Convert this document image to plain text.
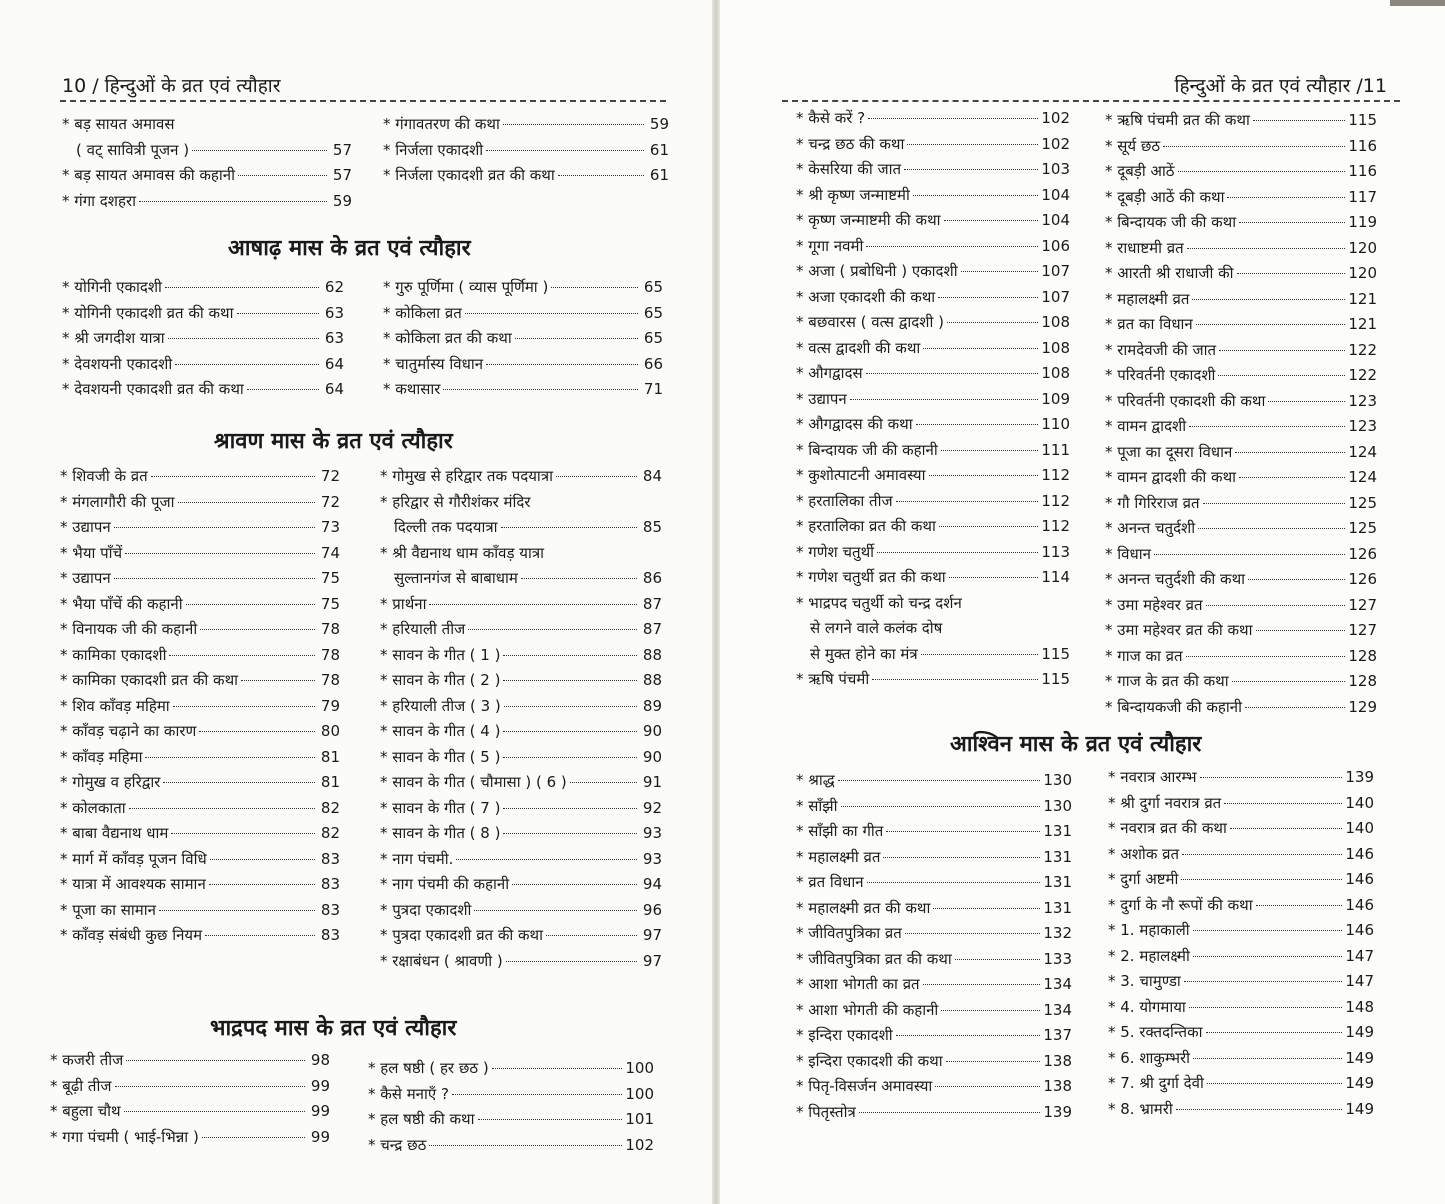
10 / हिन्दुओं के व्रत एवं त्यौहार
* बड़ सायत अमावस
( वट् सावित्री पूजन )	57
* बड़ सायत अमावस की कहानी	57
* गंगा दशहरा	59
* गंगावतरण की कथा	59
* निर्जला एकादशी	61
* निर्जला एकादशी व्रत की कथा	61
आषाढ़ मास के व्रत एवं त्यौहार
* योगिनी एकादशी	62
* योगिनी एकादशी व्रत की कथा	63
* श्री जगदीश यात्रा	63
* देवशयनी एकादशी	64
* देवशयनी एकादशी व्रत की कथा	64
* गुरु पूर्णिमा ( व्यास पूर्णिमा )	65
* कोकिला व्रत	65
* कोकिला व्रत की कथा	65
* चातुर्मास्य विधान	66
* कथासार	71
श्रावण मास के व्रत एवं त्यौहार
* शिवजी के व्रत	72
* मंगलागौरी की पूजा	72
* उद्यापन	73
* भैया पाँचें	74
* उद्यापन	75
* भैया पाँचें की कहानी	75
* विनायक जी की कहानी	78
* कामिका एकादशी	78
* कामिका एकादशी व्रत की कथा	78
* शिव काँवड़ महिमा	79
* काँवड़ चढ़ाने का कारण	80
* काँवड़ महिमा	81
* गोमुख व हरिद्वार	81
* कोलकाता	82
* बाबा वैद्यनाथ धाम	82
* मार्ग में काँवड़ पूजन विधि	83
* यात्रा में आवश्यक सामान	83
* पूजा का सामान	83
* काँवड़ संबंधी कुछ नियम	83
* गोमुख से हरिद्वार तक पदयात्रा	84
* हरिद्वार से गौरीशंकर मंदिर
दिल्ली तक पदयात्रा	85
* श्री वैद्यनाथ धाम काँवड़ यात्रा
सुल्तानगंज से बाबाधाम	86
* प्रार्थना	87
* हरियाली तीज	87
* सावन के गीत ( 1 )	88
* सावन के गीत ( 2 )	88
* हरियाली तीज ( 3 )	89
* सावन के गीत ( 4 )	90
* सावन के गीत ( 5 )	90
* सावन के गीत ( चौमासा ) ( 6 )	91
* सावन के गीत ( 7 )	92
* सावन के गीत ( 8 )	93
* नाग पंचमी.	93
* नाग पंचमी की कहानी	94
* पुत्रदा एकादशी	96
* पुत्रदा एकादशी व्रत की कथा	97
* रक्षाबंधन ( श्रावणी )	97
भाद्रपद मास के व्रत एवं त्यौहार
* कजरी तीज	98
* बूढ़ी तीज	99
* बहुला चौथ	99
* गगा पंचमी ( भाई-भिन्ना )	99
* हल षष्ठी ( हर छठ )	100
* कैसे मनाएँ ?	100
* हल षष्ठी की कथा	101
* चन्द्र छठ	102
हिन्दुओं के व्रत एवं त्यौहार /11
* कैसे करें ?	102
* चन्द्र छठ की कथा	102
* केसरिया की जात	103
* श्री कृष्ण जन्माष्टमी	104
* कृष्ण जन्माष्टमी की कथा	104
* गूगा नवमी	106
* अजा ( प्रबोधिनी ) एकादशी	107
* अजा एकादशी की कथा	107
* बछवारस ( वत्स द्वादशी )	108
* वत्स द्वादशी की कथा	108
* औगद्वादस	108
* उद्यापन	109
* औगद्वादस की कथा	110
* बिन्दायक जी की कहानी	111
* कुशोत्पाटनी अमावस्या	112
* हरतालिका तीज	112
* हरतालिका व्रत की कथा	112
* गणेश चतुर्थी	113
* गणेश चतुर्थी व्रत की कथा	114
* भाद्रपद चतुर्थी को चन्द्र दर्शन
से लगने वाले कलंक दोष
से मुक्त होने का मंत्र	115
* ऋषि पंचमी	115
* ऋषि पंचमी व्रत की कथा	115
* सूर्य छठ	116
* दूबड़ी आठें	116
* दूबड़ी आठें की कथा	117
* बिन्दायक जी की कथा	119
* राधाष्टमी व्रत	120
* आरती श्री राधाजी की	120
* महालक्ष्मी व्रत	121
* व्रत का विधान	121
* रामदेवजी की जात	122
* परिवर्तनी एकादशी	122
* परिवर्तनी एकादशी की कथा	123
* वामन द्वादशी	123
* पूजा का दूसरा विधान	124
* वामन द्वादशी की कथा	124
* गौ गिरिराज व्रत	125
* अनन्त चतुर्दशी	125
* विधान	126
* अनन्त चतुर्दशी की कथा	126
* उमा महेश्वर व्रत	127
* उमा महेश्वर व्रत की कथा	127
* गाज का व्रत	128
* गाज के व्रत की कथा	128
* बिन्दायकजी की कहानी	129
आश्विन मास के व्रत एवं त्यौहार
* श्राद्ध	130
* साँझी	130
* साँझी का गीत	131
* महालक्ष्मी व्रत	131
* व्रत विधान	131
* महालक्ष्मी व्रत की कथा	131
* जीवितपुत्रिका व्रत	132
* जीवितपुत्रिका व्रत की कथा	133
* आशा भोगती का व्रत	134
* आशा भोगती की कहानी	134
* इन्दिरा एकादशी	137
* इन्दिरा एकादशी की कथा	138
* पितृ-विसर्जन अमावस्या	138
* पितृस्तोत्र	139
* नवरात्र आरम्भ	139
* श्री दुर्गा नवरात्र व्रत	140
* नवरात्र व्रत की कथा	140
* अशोक व्रत	146
* दुर्गा अष्टमी	146
* दुर्गा के नौ रूपों की कथा	146
* 1. महाकाली	146
* 2. महालक्ष्मी	147
* 3. चामुण्डा	147
* 4. योगमाया	148
* 5. रक्तदन्तिका	149
* 6. शाकुम्भरी	149
* 7. श्री दुर्गा देवी	149
* 8. भ्रामरी	149
